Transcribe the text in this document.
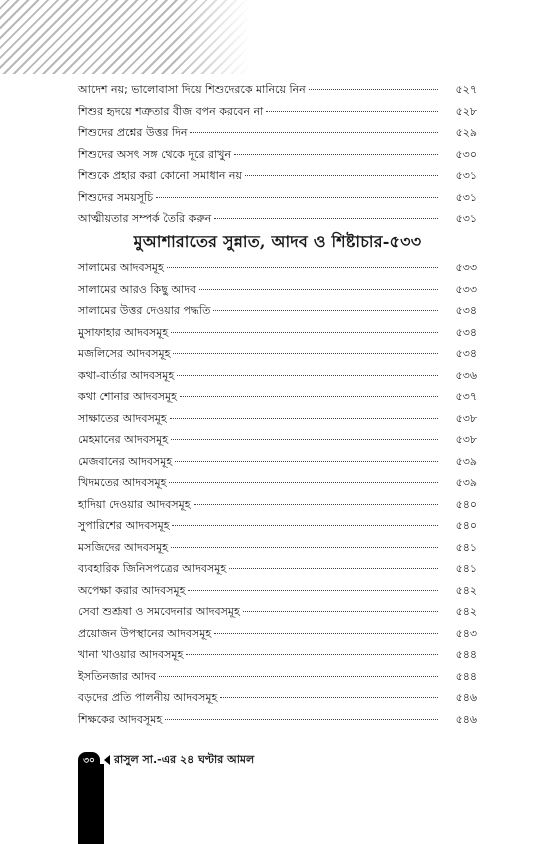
আদেশ নয়; ভালোবাসা দিয়ে শিশুদেরকে মানিয়ে নিন	৫২৭
শিশুর হৃদয়ে শত্রুতার বীজ বপন করবেন না	৫২৮
শিশুদের প্রশ্নের উত্তর দিন	৫২৯
শিশুদের অসৎ সঙ্গ থেকে দূরে রাখুন	৫৩০
শিশুকে প্রহার করা কোনো সমাধান নয়	৫৩১
শিশুদের সময়সূচি	৫৩১
আত্মীয়তার সম্পর্ক তৈরি করুন	৫৩১
মুআশারাতের সুন্নাত, আদব ও শিষ্টাচার-৫৩৩
সালামের আদবসমূহ	৫৩৩
সালামের আরও কিছু আদব	৫৩৩
সালামের উত্তর দেওয়ার পদ্ধতি	৫৩৪
মুসাফাহার আদবসমূহ	৫৩৪
মজলিসের আদবসমূহ	৫৩৪
কথা-বার্তার আদবসমূহ	৫৩৬
কথা শোনার আদবসমূহ	৫৩৭
সাক্ষাতের আদবসমূহ	৫৩৮
মেহমানের আদবসমূহ	৫৩৮
মেজবানের আদবসমূহ	৫৩৯
খিদমতের আদবসমূহ	৫৩৯
হাদিয়া দেওয়ার আদবসমূহ	৫৪০
সুপারিশের আদবসমূহ	৫৪০
মসজিদের আদবসমূহ	৫৪১
ব্যবহারিক জিনিসপত্রের আদবসমূহ	৫৪১
অপেক্ষা করার আদবসমূহ	৫৪২
সেবা শুশ্রূষা ও সমবেদনার আদবসমূহ	৫৪২
প্রয়োজন উপস্থানের আদবসমূহ	৫৪৩
খানা খাওয়ার আদবসমূহ	৫৪৪
ইসতিনজার আদব	৫৪৪
বড়দের প্রতি পালনীয় আদবসমূহ	৫৪৬
শিক্ষকের আদবসূমহ	৫৪৬
৩০	রাসুল সা.-এর ২৪ ঘণ্টার আমল
